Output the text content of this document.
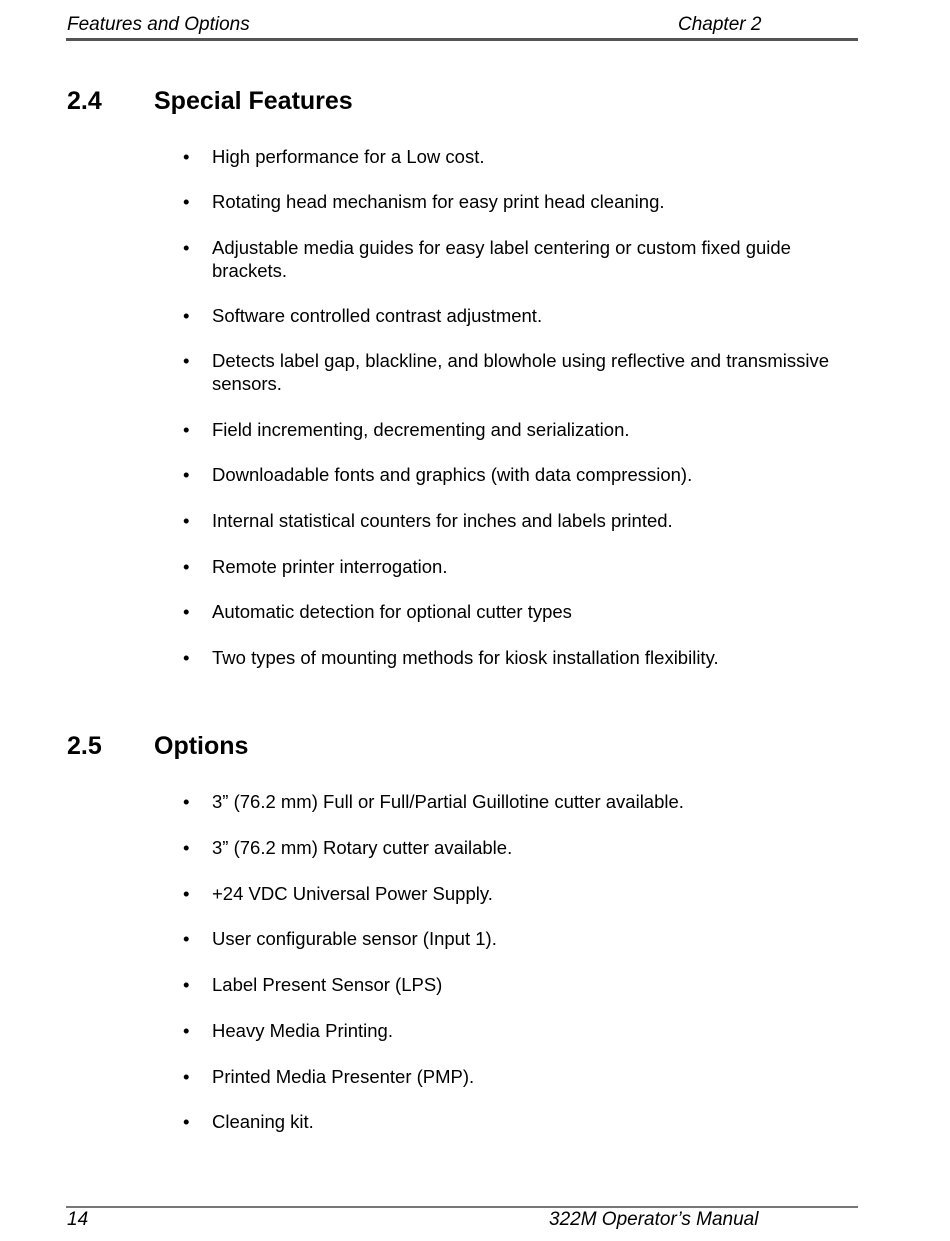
Features and Options	Chapter 2
2.4 Special Features
• High performance for a Low cost.
• Rotating head mechanism for easy print head cleaning.
• Adjustable media guides for easy label centering or custom fixed guide brackets.
• Software controlled contrast adjustment.
• Detects label gap, blackline, and blowhole using reflective and transmissive sensors.
• Field incrementing, decrementing and serialization.
• Downloadable fonts and graphics (with data compression).
• Internal statistical counters for inches and labels printed.
• Remote printer interrogation.
• Automatic detection for optional cutter types
• Two types of mounting methods for kiosk installation flexibility.
2.5 Options
• 3” (76.2 mm) Full or Full/Partial Guillotine cutter available.
• 3” (76.2 mm) Rotary cutter available.
• +24 VDC Universal Power Supply.
• User configurable sensor (Input 1).
• Label Present Sensor (LPS)
• Heavy Media Printing.
• Printed Media Presenter (PMP).
• Cleaning kit.
14	322M Operator’s Manual
